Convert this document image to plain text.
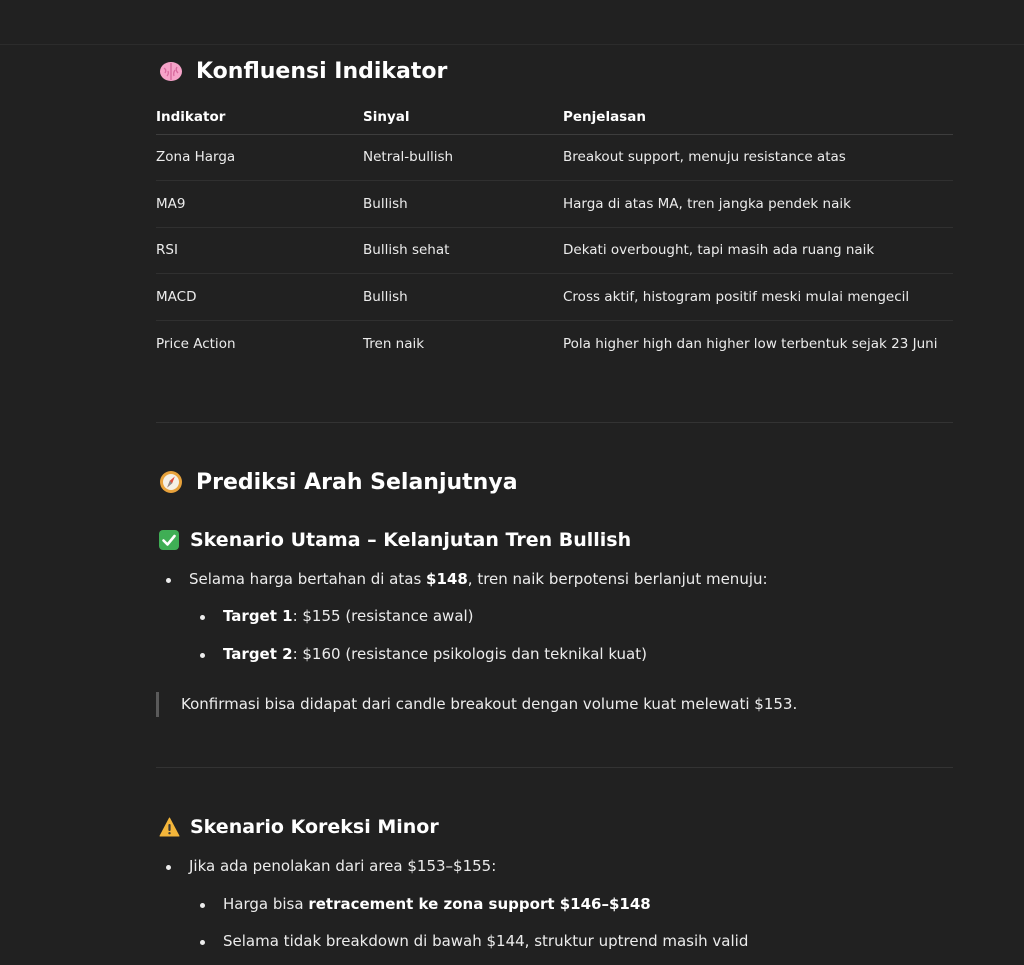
Konfluensi Indikator
Indikator	Sinyal	Penjelasan
Zona Harga	Netral-bullish	Breakout support, menuju resistance atas
MA9	Bullish	Harga di atas MA, tren jangka pendek naik
RSI	Bullish sehat	Dekati overbought, tapi masih ada ruang naik
MACD	Bullish	Cross aktif, histogram positif meski mulai mengecil
Price Action	Tren naik	Pola higher high dan higher low terbentuk sejak 23 Juni
Prediksi Arah Selanjutnya
Skenario Utama – Kelanjutan Tren Bullish
Selama harga bertahan di atas $148, tren naik berpotensi berlanjut menuju:
Target 1: $155 (resistance awal)
Target 2: $160 (resistance psikologis dan teknikal kuat)
Konfirmasi bisa didapat dari candle breakout dengan volume kuat melewati $153.
Skenario Koreksi Minor
Jika ada penolakan dari area $153–$155:
Harga bisa retracement ke zona support $146–$148
Selama tidak breakdown di bawah $144, struktur uptrend masih valid
